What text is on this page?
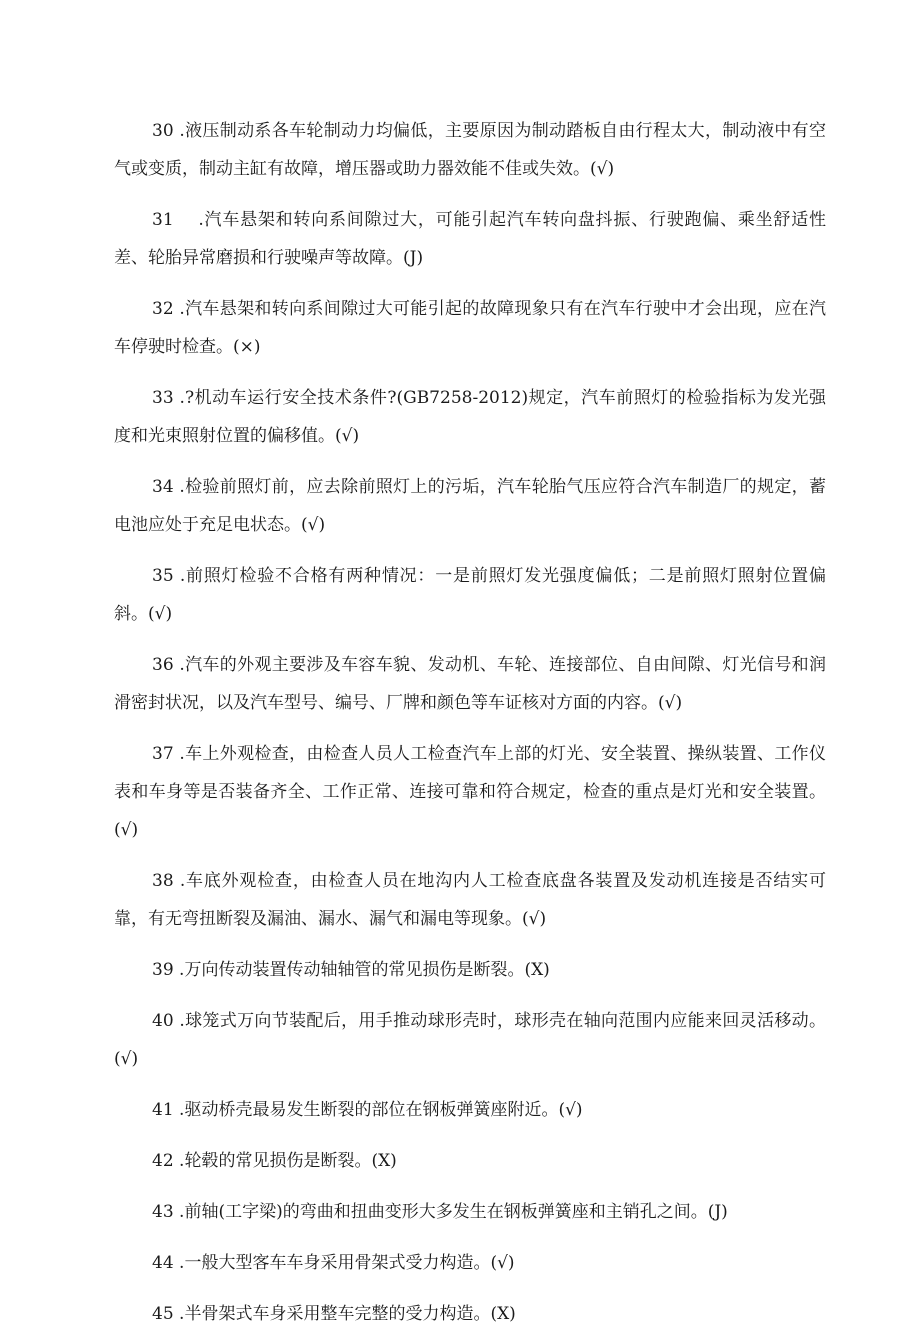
30 .液压制动系各车轮制动力均偏低，主要原因为制动踏板自由行程太大，制动液中有空气或变质，制动主缸有故障，增压器或助力器效能不佳或失效。(√)

31    .汽车悬架和转向系间隙过大，可能引起汽车转向盘抖振、行驶跑偏、乘坐舒适性差、轮胎异常磨损和行驶噪声等故障。(J)

32 .汽车悬架和转向系间隙过大可能引起的故障现象只有在汽车行驶中才会出现，应在汽车停驶时检查。(×)

33 .?机动车运行安全技术条件?(GB7258-2012)规定，汽车前照灯的检验指标为发光强度和光束照射位置的偏移值。(√)

34 .检验前照灯前，应去除前照灯上的污垢，汽车轮胎气压应符合汽车制造厂的规定，蓄电池应处于充足电状态。(√)

35 .前照灯检验不合格有两种情况：一是前照灯发光强度偏低；二是前照灯照射位置偏斜。(√)

36 .汽车的外观主要涉及车容车貌、发动机、车轮、连接部位、自由间隙、灯光信号和润滑密封状况，以及汽车型号、编号、厂牌和颜色等车证核对方面的内容。(√)

37 .车上外观检查，由检查人员人工检查汽车上部的灯光、安全装置、操纵装置、工作仪表和车身等是否装备齐全、工作正常、连接可靠和符合规定，检查的重点是灯光和安全装置。(√)

38 .车底外观检查，由检查人员在地沟内人工检查底盘各装置及发动机连接是否结实可靠，有无弯扭断裂及漏油、漏水、漏气和漏电等现象。(√)

39 .万向传动装置传动轴轴管的常见损伤是断裂。(X)

40 .球笼式万向节装配后，用手推动球形壳时，球形壳在轴向范围内应能来回灵活移动。(√)

41 .驱动桥壳最易发生断裂的部位在钢板弹簧座附近。(√)

42 .轮毂的常见损伤是断裂。(X)

43 .前轴(工字梁)的弯曲和扭曲变形大多发生在钢板弹簧座和主销孔之间。(J)

44 .一般大型客车车身采用骨架式受力构造。(√)

45 .半骨架式车身采用整车完整的受力构造。(X)
